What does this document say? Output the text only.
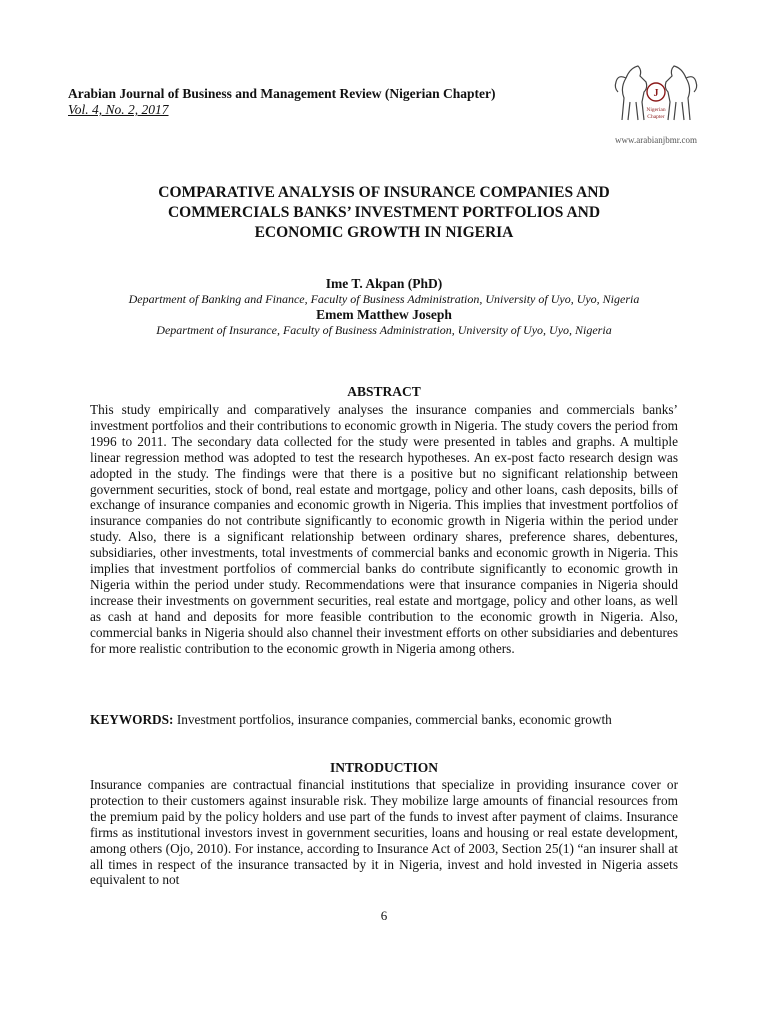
Arabian Journal of Business and Management Review (Nigerian Chapter)
Vol. 4, No. 2, 2017
J
Nigerian
Chapter
www.arabianjbmr.com
COMPARATIVE ANALYSIS OF INSURANCE COMPANIES AND
COMMERCIALS BANKS’ INVESTMENT PORTFOLIOS AND
ECONOMIC GROWTH IN NIGERIA
Ime T. Akpan (PhD)
Department of Banking and Finance, Faculty of Business Administration, University of Uyo, Uyo, Nigeria
Emem Matthew Joseph
Department of Insurance, Faculty of Business Administration, University of Uyo, Uyo, Nigeria
ABSTRACT
This study empirically and comparatively analyses the insurance companies and commercials banks’ investment portfolios and their contributions to economic growth in Nigeria. The study covers the period from 1996 to 2011. The secondary data collected for the study were presented in tables and graphs. A multiple linear regression method was adopted to test the research hypotheses. An ex-post facto research design was adopted in the study. The findings were that there is a positive but no significant relationship between government securities, stock of bond, real estate and mortgage, policy and other loans, cash deposits, bills of exchange of insurance companies and economic growth in Nigeria. This implies that investment portfolios of insurance companies do not contribute significantly to economic growth in Nigeria within the period under study. Also, there is a significant relationship between ordinary shares, preference shares, debentures, subsidiaries, other investments, total investments of commercial banks and economic growth in Nigeria. This implies that investment portfolios of commercial banks do contribute significantly to economic growth in Nigeria within the period under study. Recommendations were that insurance companies in Nigeria should increase their investments on government securities, real estate and mortgage, policy and other loans, as well as cash at hand and deposits for more feasible contribution to the economic growth in Nigeria. Also, commercial banks in Nigeria should also channel their investment efforts on other subsidiaries and debentures for more realistic contribution to the economic growth in Nigeria among others.
KEYWORDS: Investment portfolios, insurance companies, commercial banks, economic growth
INTRODUCTION
Insurance companies are contractual financial institutions that specialize in providing insurance cover or protection to their customers against insurable risk. They mobilize large amounts of financial resources from the premium paid by the policy holders and use part of the funds to invest after payment of claims. Insurance firms as institutional investors invest in government securities, loans and housing or real estate development, among others (Ojo, 2010). For instance, according to Insurance Act of 2003, Section 25(1) “an insurer shall at all times in respect of the insurance transacted by it in Nigeria, invest and hold invested in Nigeria assets equivalent to not
6
